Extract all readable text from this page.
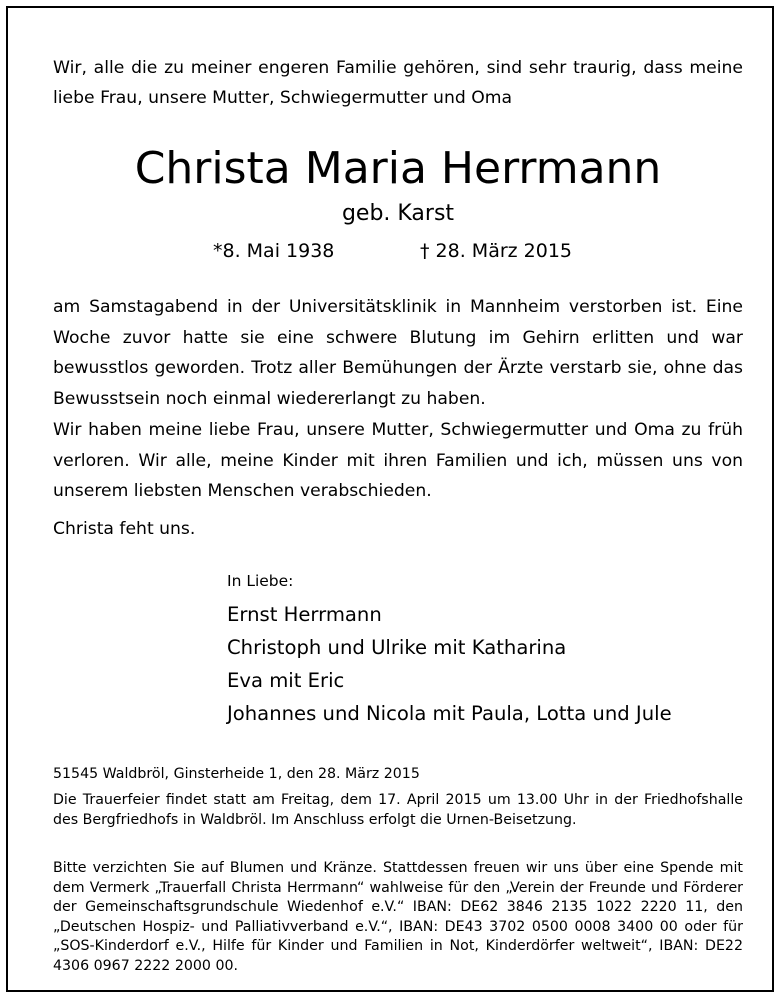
Wir, alle die zu meiner engeren Familie gehören, sind sehr traurig, dass meine liebe Frau, unsere Mutter, Schwiegermutter und Oma
Christa Maria Herrmann
geb. Karst
*8. Mai 1938	† 28. März 2015
am Samstagabend in der Universitätsklinik in Mannheim verstorben ist. Eine Woche zuvor hatte sie eine schwere Blutung im Gehirn erlitten und war bewusstlos geworden. Trotz aller Bemühungen der Ärzte verstarb sie, ohne das Bewusstsein noch einmal wiedererlangt zu haben.
Wir haben meine liebe Frau, unsere Mutter, Schwiegermutter und Oma zu früh verloren. Wir alle, meine Kinder mit ihren Familien und ich, müssen uns von unserem liebsten Menschen verabschieden.
Christa feht uns.
In Liebe:
Ernst Herrmann
Christoph und Ulrike mit Katharina
Eva mit Eric
Johannes und Nicola mit Paula, Lotta und Jule
51545 Waldbröl, Ginsterheide 1, den 28. März 2015
Die Trauerfeier findet statt am Freitag, dem 17. April 2015 um 13.00 Uhr in der Friedhofshalle des Bergfriedhofs in Waldbröl. Im Anschluss erfolgt die Urnen-Beisetzung.
Bitte verzichten Sie auf Blumen und Kränze. Stattdessen freuen wir uns über eine Spende mit dem Vermerk „Trauerfall Christa Herrmann“ wahlweise für den „Verein der Freunde und Förderer der Gemeinschaftsgrundschule Wiedenhof e.V.“ IBAN: DE62 3846 2135 1022 2220 11, den „Deutschen Hospiz- und Palliativverband e.V.“, IBAN: DE43 3702 0500 0008 3400 00 oder für „SOS-Kinderdorf e.V., Hilfe für Kinder und Familien in Not, Kinderdörfer weltweit“, IBAN: DE22 4306 0967 2222 2000 00.
